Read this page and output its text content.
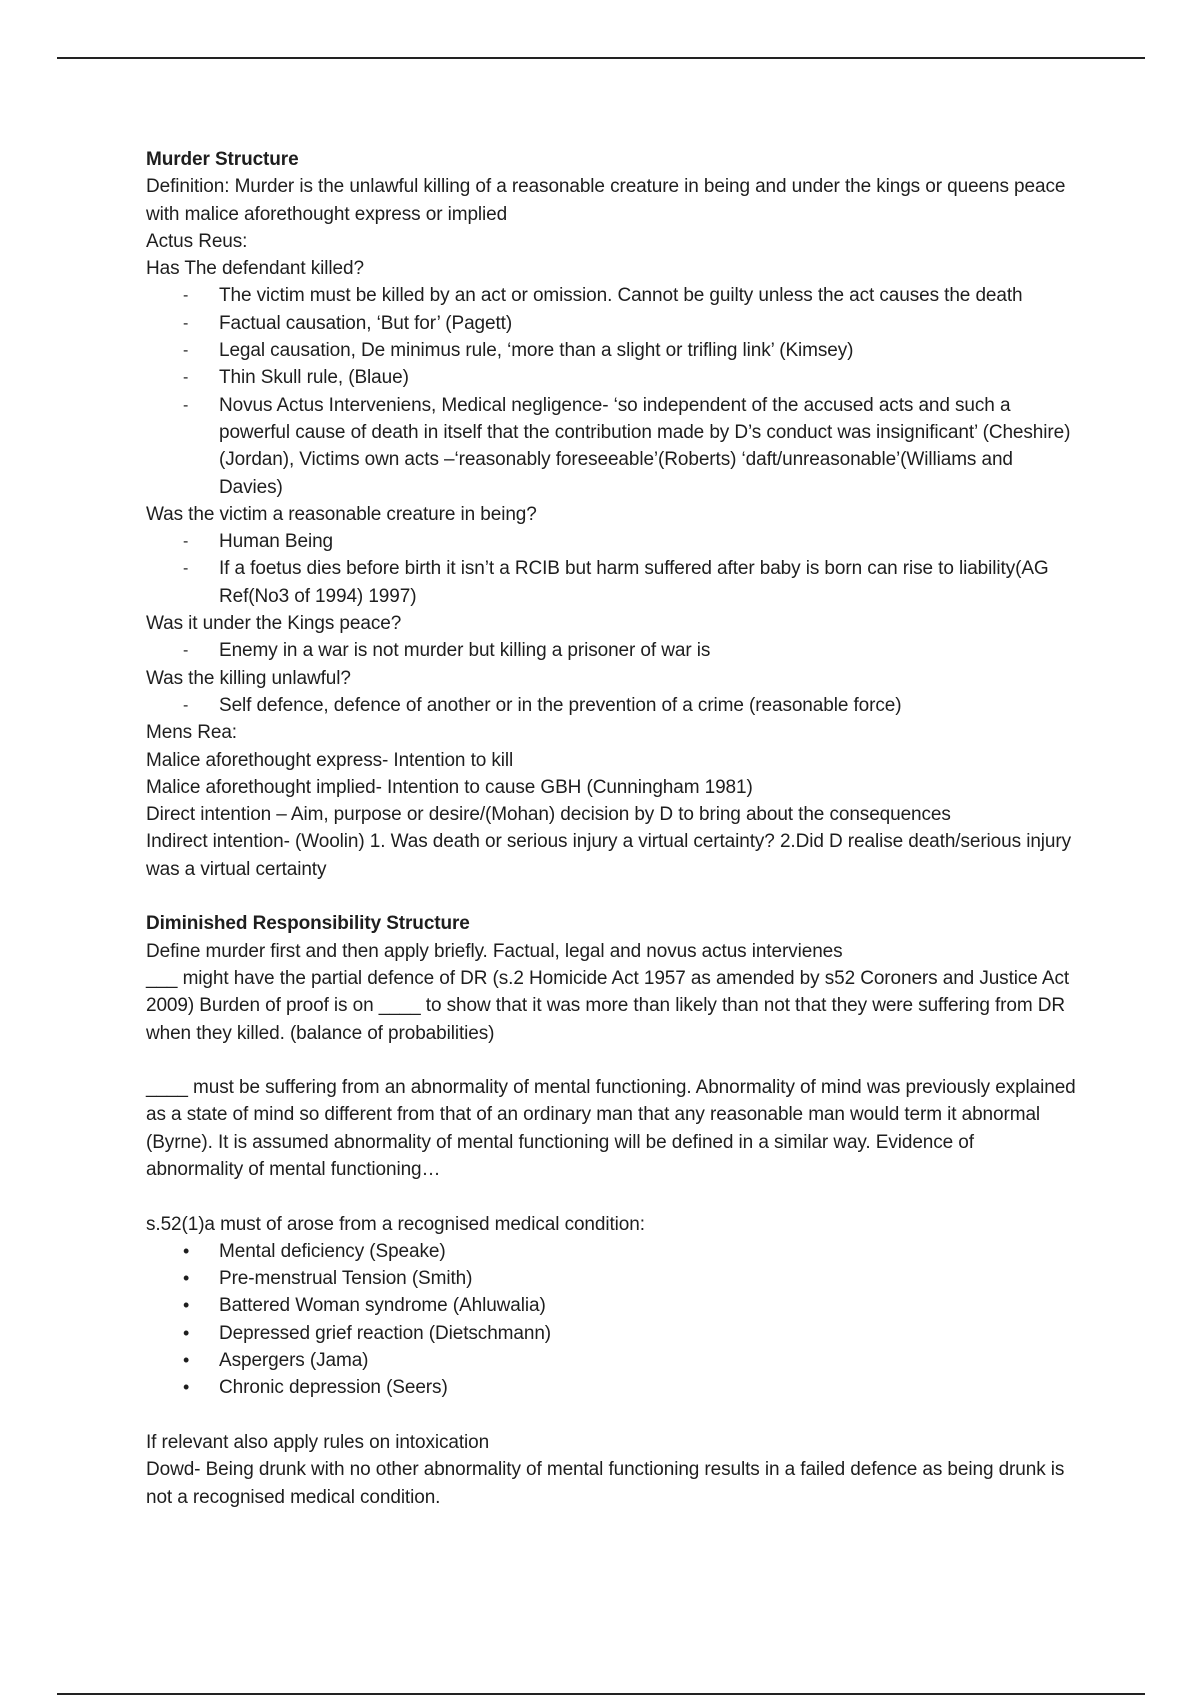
Murder Structure

Definition: Murder is the unlawful killing of a reasonable creature in being and under the kings or queens peace with malice aforethought express or implied

Actus Reus:

Has The defendant killed?

-	The victim must be killed by an act or omission. Cannot be guilty unless the act causes the death
-	Factual causation, ‘But for’ (Pagett)
-	Legal causation, De minimus rule, ‘more than a slight or trifling link’ (Kimsey)
-	Thin Skull rule, (Blaue)
-	Novus Actus Interveniens, Medical negligence- ‘so independent of the accused acts and such a powerful cause of death in itself that the contribution made by D’s conduct was insignificant’ (Cheshire)(Jordan), Victims own acts –‘reasonably foreseeable’(Roberts) ‘daft/unreasonable’(Williams and Davies)

Was the victim a reasonable creature in being?

-	Human Being
-	If a foetus dies before birth it isn’t a RCIB but harm suffered after baby is born can rise to liability(AG Ref(No3 of 1994) 1997)

Was it under the Kings peace?

-	Enemy in a war is not murder but killing a prisoner of war is

Was the killing unlawful?

-	Self defence, defence of another or in the prevention of a crime (reasonable force)

Mens Rea:

Malice aforethought express- Intention to kill

Malice aforethought implied- Intention to cause GBH (Cunningham 1981)

Direct intention – Aim, purpose or desire/(Mohan) decision by D to bring about the consequences

Indirect intention- (Woolin) 1. Was death or serious injury a virtual certainty? 2.Did D realise death/serious injury was a virtual certainty

Diminished Responsibility Structure

Define murder first and then apply briefly. Factual, legal and novus actus intervienes

___ might have the partial defence of DR (s.2 Homicide Act 1957 as amended by s52 Coroners and Justice Act 2009) Burden of proof is on ____ to show that it was more than likely than not that they were suffering from DR when they killed. (balance of probabilities)

____ must be suffering from an abnormality of mental functioning. Abnormality of mind was previously explained as a state of mind so different from that of an ordinary man that any reasonable man would term it abnormal (Byrne). It is assumed abnormality of mental functioning will be defined in a similar way. Evidence of abnormality of mental functioning…

s.52(1)a must of arose from a recognised medical condition:

•	Mental deficiency (Speake)
•	Pre-menstrual Tension (Smith)
•	Battered Woman syndrome (Ahluwalia)
•	Depressed grief reaction (Dietschmann)
•	Aspergers (Jama)
•	Chronic depression (Seers)

If relevant also apply rules on intoxication

Dowd- Being drunk with no other abnormality of mental functioning results in a failed defence as being drunk is not a recognised medical condition.
